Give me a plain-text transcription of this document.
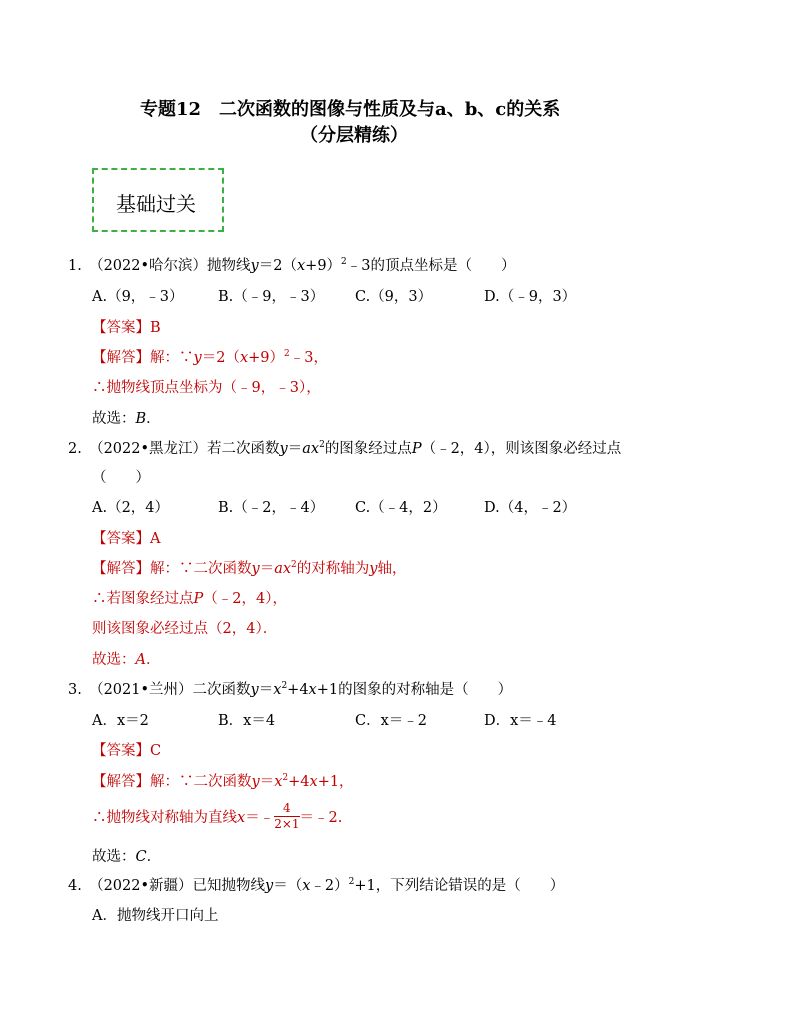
专题12　二次函数的图像与性质及与a、b、c的关系
（分层精练）
基础过关
1.　（2022•哈尔滨）抛物线$y=2(x+9)^2﹣3$的顶点坐标是（　　）
A.（9，﹣3） B.（﹣9，﹣3） C.（9，3）	D.（﹣9，3）
【答案】B
【解答】解：$\because y=2(x+9)^2﹣3$，
∴抛物线顶点坐标为（﹣9，﹣3），
故选：B．
2.　（2022•黑龙江）若二次函数$y=ax^2$的图象经过点P（﹣2，4），则该图象必经过点
（　　）
A.（2，4）	B.（﹣2，﹣4） C.（﹣4，2）	D.（4，﹣2）
【答案】A
【解答】解：∵二次函数$y=ax^2$的对称轴为y轴，
∴若图象经过点P（﹣2，4），
则该图象必经过点（2，4）．
故选：A．
3.　（2021•兰州）二次函数$y=x^2+4x+1$的图象的对称轴是（　　）
A．x＝2	B．x＝4	C．x＝﹣2	D．x＝﹣4
【答案】C
【解答】解：∵二次函数$y=x^2+4x+1$，
∴抛物线对称轴为直线x＝﹣ $\frac{4}{2\times 1}$ ＝﹣2.
故选：C．
4.　（2022•新疆）已知抛物线y＝（x﹣2）$^2$+1，下列结论错误的是（　　）
A．抛物线开口向上
